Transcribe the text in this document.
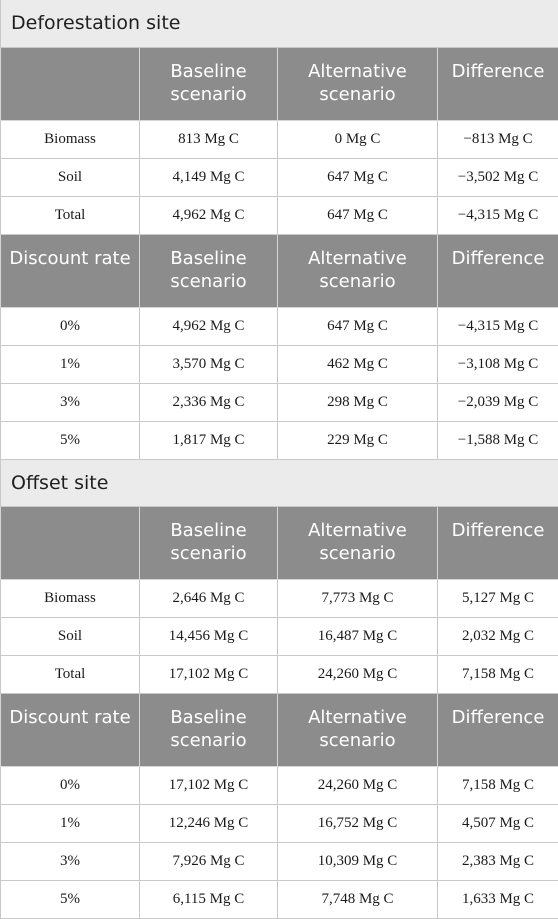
Deforestation site			
	Baseline scenario	Alternative scenario	Difference
Biomass	813 Mg C	0 Mg C	−813 Mg C
Soil	4,149 Mg C	647 Mg C	−3,502 Mg C
Total	4,962 Mg C	647 Mg C	−4,315 Mg C
Discount rate	Baseline scenario	Alternative scenario	Difference
0%	4,962 Mg C	647 Mg C	−4,315 Mg C
1%	3,570 Mg C	462 Mg C	−3,108 Mg C
3%	2,336 Mg C	298 Mg C	−2,039 Mg C
5%	1,817 Mg C	229 Mg C	−1,588 Mg C
Offset site			
	Baseline scenario	Alternative scenario	Difference
Biomass	2,646 Mg C	7,773 Mg C	5,127 Mg C
Soil	14,456 Mg C	16,487 Mg C	2,032 Mg C
Total	17,102 Mg C	24,260 Mg C	7,158 Mg C
Discount rate	Baseline scenario	Alternative scenario	Difference
0%	17,102 Mg C	24,260 Mg C	7,158 Mg C
1%	12,246 Mg C	16,752 Mg C	4,507 Mg C
3%	7,926 Mg C	10,309 Mg C	2,383 Mg C
5%	6,115 Mg C	7,748 Mg C	1,633 Mg C
